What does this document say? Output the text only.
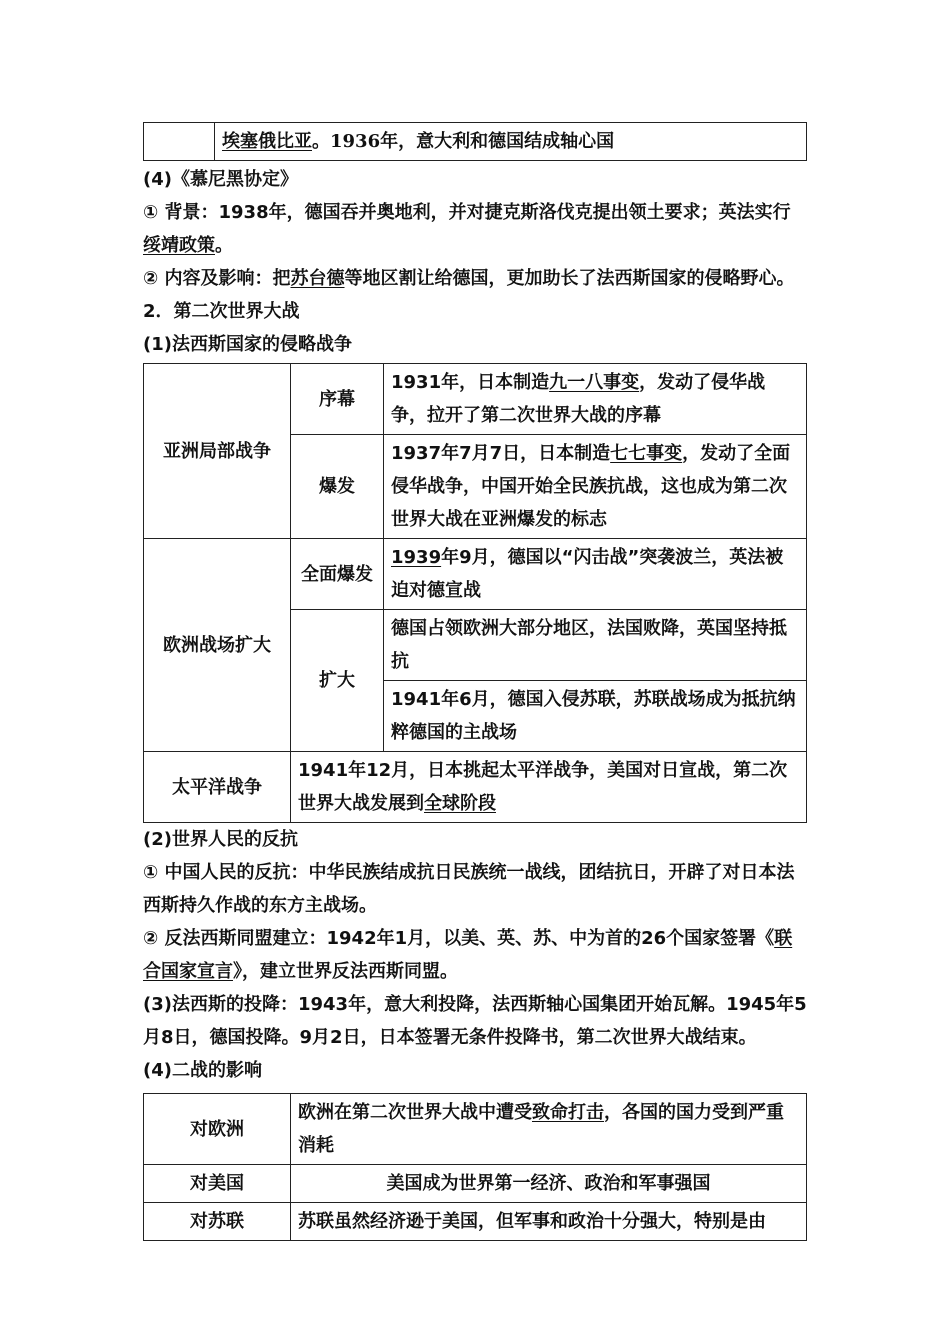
	埃塞俄比亚。1936年，意大利和德国结成轴心国

(4)《慕尼黑协定》

① 背景：1938年，德国吞并奥地利，并对捷克斯洛伐克提出领土要求；英法实行绥靖政策。

② 内容及影响：把苏台德等地区割让给德国，更加助长了法西斯国家的侵略野心。

2．第二次世界大战

(1)法西斯国家的侵略战争

亚洲局部战争	序幕	1931年，日本制造九一八事变，发动了侵华战争，拉开了第二次世界大战的序幕
	爆发	1937年7月7日，日本制造七七事变，发动了全面侵华战争，中国开始全民族抗战，这也成为第二次世界大战在亚洲爆发的标志
欧洲战场扩大	全面爆发	1939年9月，德国以“闪击战”突袭波兰，英法被迫对德宣战
	扩大	德国占领欧洲大部分地区，法国败降，英国坚持抵抗
		1941年6月，德国入侵苏联，苏联战场成为抵抗纳粹德国的主战场
太平洋战争	1941年12月，日本挑起太平洋战争，美国对日宣战，第二次世界大战发展到全球阶段	

(2)世界人民的反抗

① 中国人民的反抗：中华民族结成抗日民族统一战线，团结抗日，开辟了对日本法西斯持久作战的东方主战场。

② 反法西斯同盟建立：1942年1月，以美、英、苏、中为首的26个国家签署《联合国家宣言》，建立世界反法西斯同盟。

(3)法西斯的投降：1943年，意大利投降，法西斯轴心国集团开始瓦解。1945年5月8日，德国投降。9月2日，日本签署无条件投降书，第二次世界大战结束。

(4)二战的影响

对欧洲	欧洲在第二次世界大战中遭受致命打击，各国的国力受到严重消耗
对美国	美国成为世界第一经济、政治和军事强国
对苏联	苏联虽然经济逊于美国，但军事和政治十分强大，特别是由
